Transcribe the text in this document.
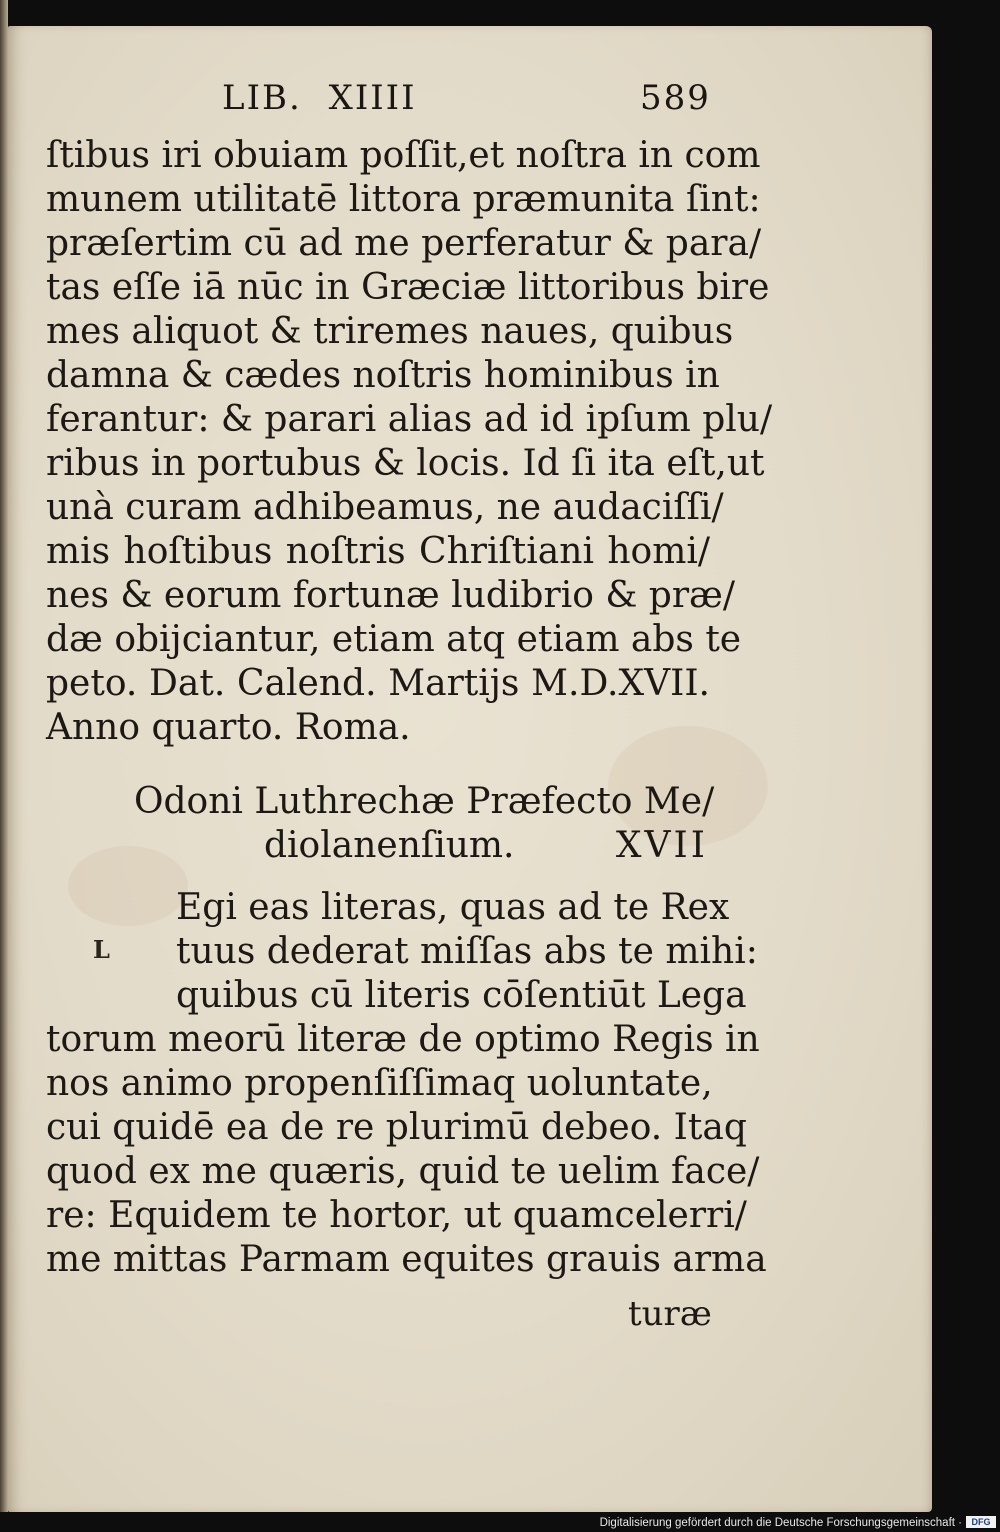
LIB. XIIII	589
ſtibus iri obuiam poſſit,et noſtra in com
munem utilitatē littora præmunita ſint:
præſertim cū ad me perferatur & para/
tas eſſe iā nūc in Græciæ littoribus bire
mes aliquot & triremes naues, quibus
damna & cædes noſtris hominibus in
ferantur: & parari alias ad id ipſum plu/
ribus in portubus & locis. Id ſi ita eſt,ut
unà curam adhibeamus, ne audaciſſi/
mis hoſtibus noſtris Chriſtiani homi/
nes & eorum fortunæ ludibrio & præ/
dæ obijciantur, etiam atq etiam abs te
peto. Dat. Calend. Martijs M.D.XVII.
Anno quarto. Roma.
Odoni Luthrechæ Præfecto Me/
diolanenſium.	XVII
L
Egi eas literas, quas ad te Rex
tuus dederat miſſas abs te mihi:
quibus cū literis cōſentiūt Lega
torum meorū literæ de optimo Regis in
nos animo propenſiſſimaq uoluntate,
cui quidē ea de re plurimū debeo. Itaq
quod ex me quæris, quid te uelim face/
re: Equidem te hortor, ut quamcelerri/
me mittas Parmam equites grauis arma
turæ
Digitalisierung gefördert durch die Deutsche Forschungsgemeinschaft ·	DFG
